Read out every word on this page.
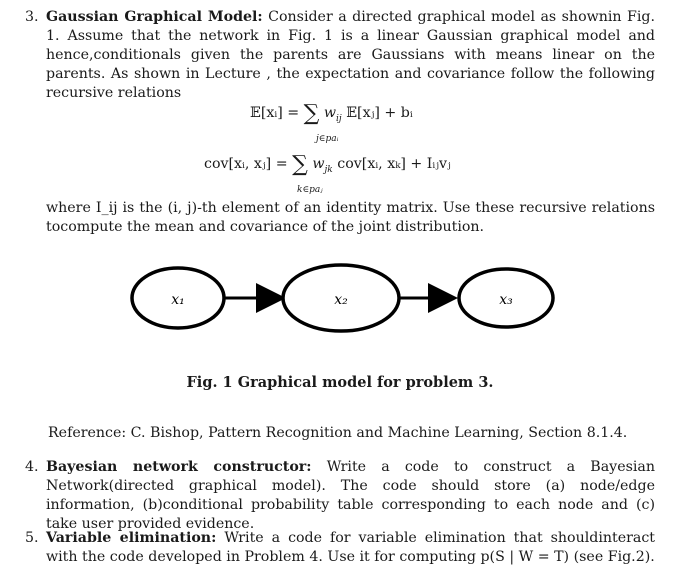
3. Gaussian Graphical Model: Consider a directed graphical model as shownin Fig. 1. Assume that the network in Fig. 1 is a linear Gaussian graphical model and hence,conditionals given the parents are Gaussians with means linear on the parents. As shown in Lecture , the expectation and covariance follow the following recursive relations
𝔼[xᵢ] = ∑ $w_{ij}$ 𝔼[xⱼ] + bᵢ
j∈paᵢ
cov[xᵢ, xⱼ] = ∑ $w_{jk}$ cov[xᵢ, xₖ] + Iᵢⱼvⱼ
k∈paⱼ
where I_ij is the (i, j)-th element of an identity matrix. Use these recursive relations tocompute the mean and covariance of the joint distribution.
x₁	x₂	x₃
Fig. 1 Graphical model for problem 3.
Reference: C. Bishop, Pattern Recognition and Machine Learning, Section 8.1.4.
4. Bayesian network constructor: Write a code to construct a Bayesian Network(directed graphical model). The code should store (a) node/edge information, (b)conditional probability table corresponding to each node and (c) take user provided evidence.
5. Variable elimination: Write a code for variable elimination that shouldinteract with the code developed in Problem 4. Use it for computing p(S | W = T) (see Fig.2).
